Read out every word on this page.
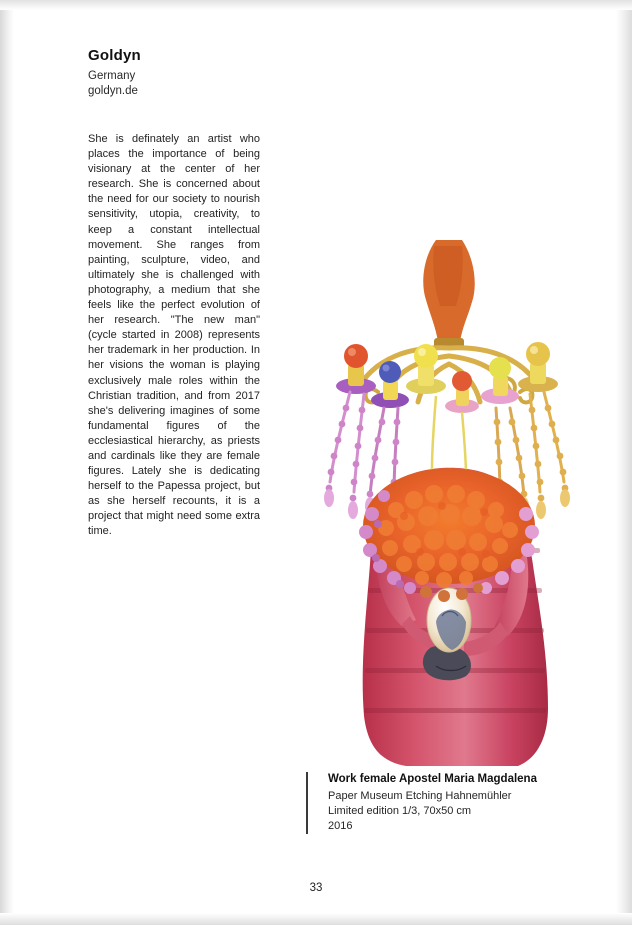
Goldyn

Germany

goldyn.de

She is definately an artist who places the importance of being visionary at the center of her research. She is concerned about the need for our society to nourish sensitivity, utopia, creativity, to keep a constant intellectual movement. She ranges from painting, sculpture, video, and ultimately she is challenged with photography, a medium that she feels like the perfect evolution of her research. "The new man" (cycle started in 2008) represents her trademark in her production. In her visions the woman is playing exclusively male roles within the Christian tradition, and from 2017 she's delivering imagines of some fundamental figures of the ecclesiastical hierarchy, as priests and cardinals like they are female figures. Lately she is dedicating herself to the Papessa project, but as she herself recounts, it is a project that might need some extra time.

Work female Apostel Maria Magdalena

Paper Museum Etching Hahnemühler

Limited edition 1/3, 70x50 cm

2016

33
